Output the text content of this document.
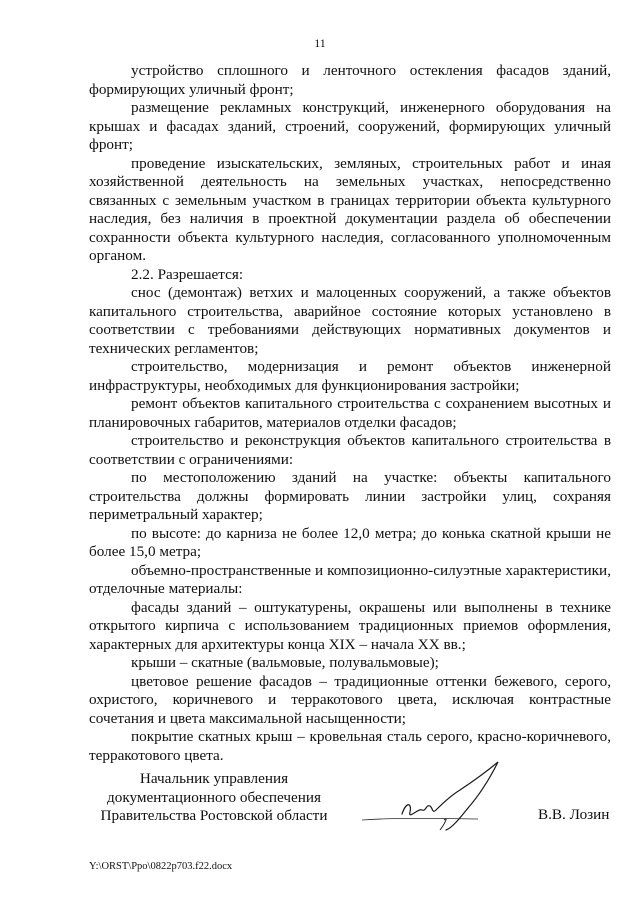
11

устройство сплошного и ленточного остекления фасадов зданий, формирующих уличный фронт;

размещение рекламных конструкций, инженерного оборудования на крышах и фасадах зданий, строений, сооружений, формирующих уличный фронт;

проведение изыскательских, земляных, строительных работ и иная хозяйственной деятельность на земельных участках, непосредственно связанных с земельным участком в границах территории объекта культурного наследия, без наличия в проектной документации раздела об обеспечении сохранности объекта культурного наследия, согласованного уполномоченным органом.

2.2. Разрешается:

снос (демонтаж) ветхих и малоценных сооружений, а также объектов капитального строительства, аварийное состояние которых установлено в соответствии с требованиями действующих нормативных документов и технических регламентов;

строительство, модернизация и ремонт объектов инженерной инфраструктуры, необходимых для функционирования застройки;

ремонт объектов капитального строительства с сохранением высотных и планировочных габаритов, материалов отделки фасадов;

строительство и реконструкция объектов капитального строительства в соответствии с ограничениями:

по местоположению зданий на участке: объекты капитального строительства должны формировать линии застройки улиц, сохраняя периметральный характер;

по высоте: до карниза не более 12,0 метра; до конька скатной крыши не более 15,0 метра;

объемно-пространственные и композиционно-силуэтные характеристики, отделочные материалы:

фасады зданий – оштукатурены, окрашены или выполнены в технике открытого кирпича с использованием традиционных приемов оформления, характерных для архитектуры конца XIX – начала XX вв.;

крыши – скатные (вальмовые, полувальмовые);

цветовое решение фасадов – традиционные оттенки бежевого, серого, охристого, коричневого и терракотового цвета, исключая контрастные сочетания и цвета максимальной насыщенности;

покрытие скатных крыш – кровельная сталь серого, красно-коричневого, терракотового цвета.

Начальник управления
документационного обеспечения
Правительства Ростовской области	В.В. Лозин
Y:\ORST\Ppo\0822p703.f22.docx
